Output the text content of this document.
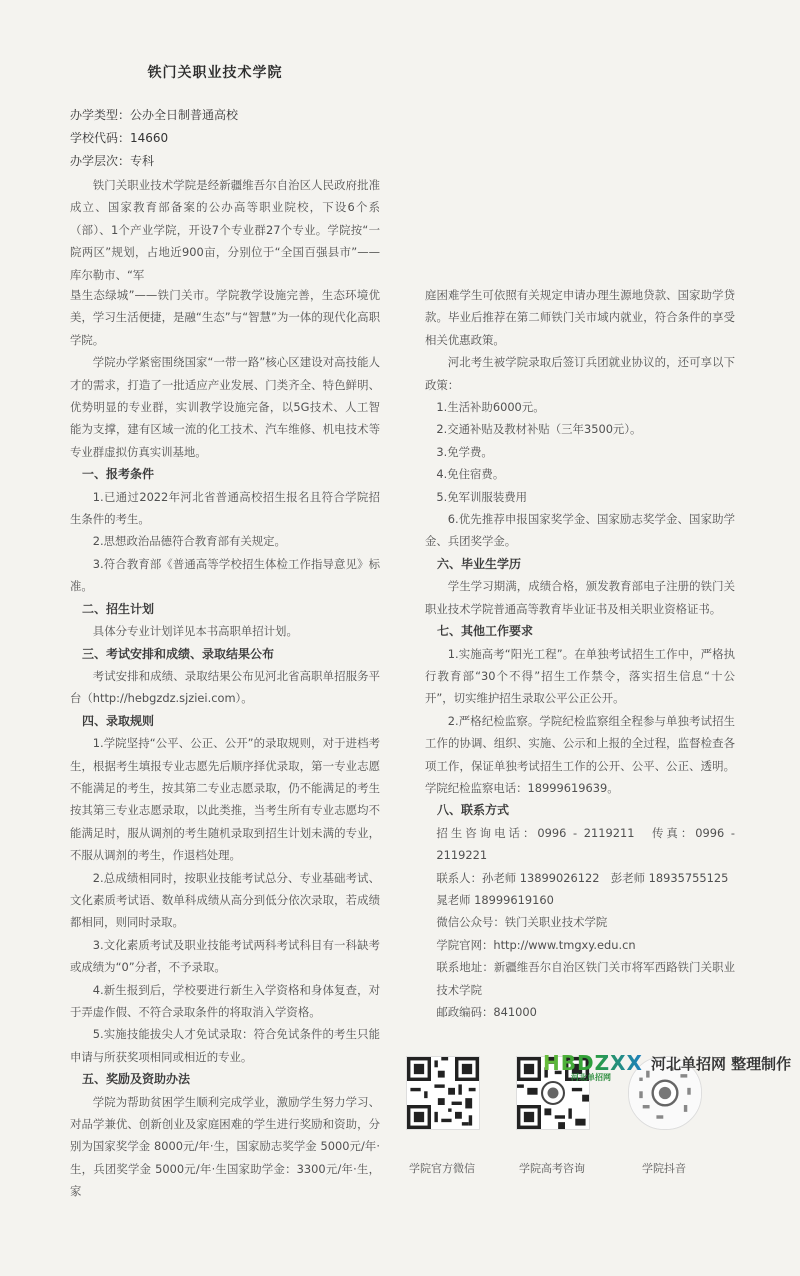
铁门关职业技术学院
办学类型：公办全日制普通高校
学校代码：14660
办学层次：专科

铁门关职业技术学院是经新疆维吾尔自治区人民政府批准成立、国家教育部备案的公办高等职业院校，下设6个系（部）、1个产业学院，开设7个专业群27个专业。学院按“一院两区”规划，占地近900亩，分别位于“全国百强县市”——库尔勒市、“军

垦生态绿城”——铁门关市。学院教学设施完善，生态环境优美，学习生活便捷，是融“生态”与“智慧”为一体的现代化高职学院。

学院办学紧密围绕国家“一带一路”核心区建设对高技能人才的需求，打造了一批适应产业发展、门类齐全、特色鲜明、优势明显的专业群，实训教学设施完备，以5G技术、人工智能为支撑，建有区域一流的化工技术、汽车维修、机电技术等专业群虚拟仿真实训基地。

一、报考条件

1.已通过2022年河北省普通高校招生报名且符合学院招生条件的考生。

2.思想政治品德符合教育部有关规定。

3.符合教育部《普通高等学校招生体检工作指导意见》标准。

二、招生计划

具体分专业计划详见本书高职单招计划。

三、考试安排和成绩、录取结果公布

考试安排和成绩、录取结果公布见河北省高职单招服务平台（http://hebgzdz.sjziei.com）。

四、录取规则

1.学院坚持“公平、公正、公开”的录取规则，对于进档考生，根据考生填报专业志愿先后顺序择优录取，第一专业志愿不能满足的考生，按其第二专业志愿录取，仍不能满足的考生按其第三专业志愿录取，以此类推，当考生所有专业志愿均不能满足时，服从调剂的考生随机录取到招生计划未满的专业，不服从调剂的考生，作退档处理。

2.总成绩相同时，按职业技能考试总分、专业基础考试、文化素质考试语、数单科成绩从高分到低分依次录取，若成绩都相同，则同时录取。

3.文化素质考试及职业技能考试两科考试科目有一科缺考或成绩为“0”分者，不予录取。

4.新生报到后，学校要进行新生入学资格和身体复查，对于弄虚作假、不符合录取条件的将取消入学资格。

5.实施技能拔尖人才免试录取：符合免试条件的考生只能申请与所获奖项相同或相近的专业。

五、奖励及资助办法

学院为帮助贫困学生顺利完成学业，激励学生努力学习、对品学兼优、创新创业及家庭困难的学生进行奖励和资助，分别为国家奖学金 8000元/年·生，国家励志奖学金 5000元/年·生，兵团奖学金 5000元/年·生国家助学金：3300元/年·生，家

庭困难学生可依照有关规定申请办理生源地贷款、国家助学贷款。毕业后推荐在第二师铁门关市域内就业，符合条件的享受相关优惠政策。

河北考生被学院录取后签订兵团就业协议的，还可享以下政策：

1.生活补助6000元。

2.交通补贴及教材补贴（三年3500元）。

3.免学费。

4.免住宿费。

5.免军训服装费用

6.优先推荐申报国家奖学金、国家励志奖学金、国家助学金、兵团奖学金。

六、毕业生学历

学生学习期满，成绩合格，颁发教育部电子注册的铁门关职业技术学院普通高等教育毕业证书及相关职业资格证书。

七、其他工作要求

1.实施高考“阳光工程”。在单独考试招生工作中，严格执行教育部“30个不得”招生工作禁令，落实招生信息“十公开”，切实维护招生录取公平公正公开。

2.严格纪检监察。学院纪检监察组全程参与单独考试招生工作的协调、组织、实施、公示和上报的全过程，监督检查各项工作，保证单独考试招生工作的公开、公平、公正、透明。学院纪检监察电话：18999619639。

八、联系方式

招生咨询电话：0996 - 2119211　传真：0996 - 2119221

联系人：孙老师 13899026122　彭老师 18935755125

晁老师 18999619160

微信公众号：铁门关职业技术学院

学院官网：http://www.tmgxy.edu.cn

联系地址：新疆维吾尔自治区铁门关市将军西路铁门关职业技术学院

邮政编码：841000

学院官方微信	学院高考咨询	学院抖音
HBDZXX
河北单招网
河北单招网 整理制作
